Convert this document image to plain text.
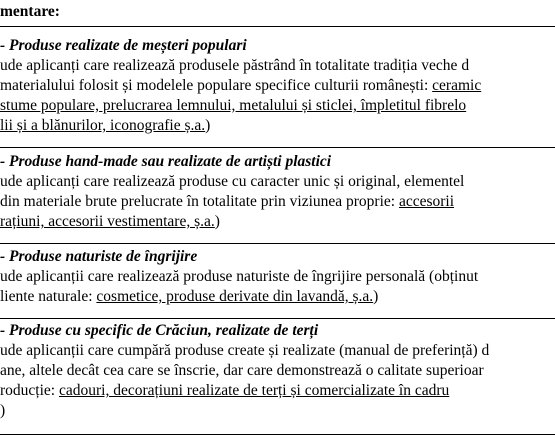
mentare:
- Produse realizate de meșteri populari
ude aplicanți care realizează produsele păstrând în totalitate tradiția veche d
materialului folosit și modelele populare specifice culturii românești: ceramic
stume populare, prelucrarea lemnului, metalului și sticlei, împletitul fibrelo
lii și a blănurilor, iconografie ș.a.)
- Produse hand-made sau realizate de artiști plastici
ude aplicanți care realizează produse cu caracter unic și original, elementel
din materiale brute prelucrate în totalitate prin viziunea proprie: accesorii
rațiuni, accesorii vestimentare, ș.a.)
- Produse naturiste de îngrijire
ude aplicanții care realizează produse naturiste de îngrijire personală (obținut
liente naturale: cosmetice, produse derivate din lavandă, ș.a.)
- Produse cu specific de Crăciun, realizate de terți
ude aplicanții care cumpără produse create și realizate (manual de preferință) d
ane, altele decât cea care se înscrie, dar care demonstrează o calitate superioar
roducție: cadouri, decorațiuni realizate de terți și comercializate în cadru
)
